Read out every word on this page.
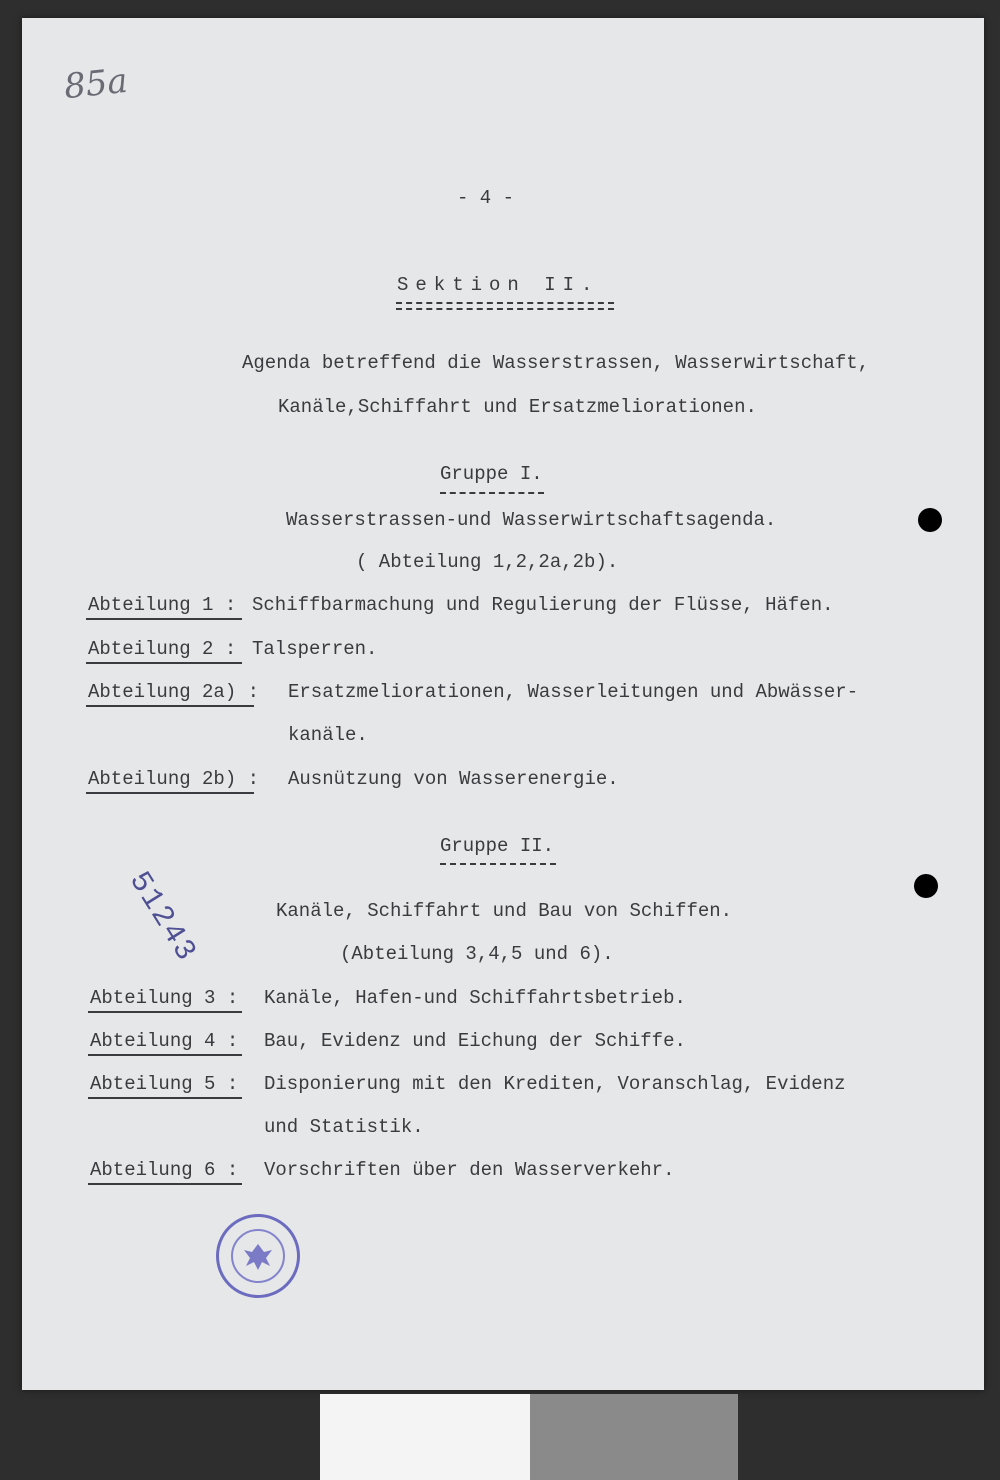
85a
- 4 -
Sektion II.
Agenda betreffend die Wasserstrassen, Wasserwirtschaft,
Kanäle,Schiffahrt und Ersatzmeliorationen.
Gruppe I.
Wasserstrassen-und Wasserwirtschaftsagenda.
( Abteilung 1,2,2a,2b).
Abteilung 1 : Schiffbarmachung und Regulierung der Flüsse, Häfen.
Abteilung 2 : Talsperren.
Abteilung 2a) : Ersatzmeliorationen, Wasserleitungen und Abwässer-
kanäle.
Abteilung 2b) : Ausnützung von Wasserenergie.
51243
Gruppe II.
Kanäle, Schiffahrt und Bau von Schiffen.
(Abteilung 3,4,5 und 6).
Abteilung 3 : Kanäle, Hafen-und Schiffahrtsbetrieb.
Abteilung 4 : Bau, Evidenz und Eichung der Schiffe.
Abteilung 5 : Disponierung mit den Krediten, Voranschlag, Evidenz
und Statistik.
Abteilung 6 : Vorschriften über den Wasserverkehr.
